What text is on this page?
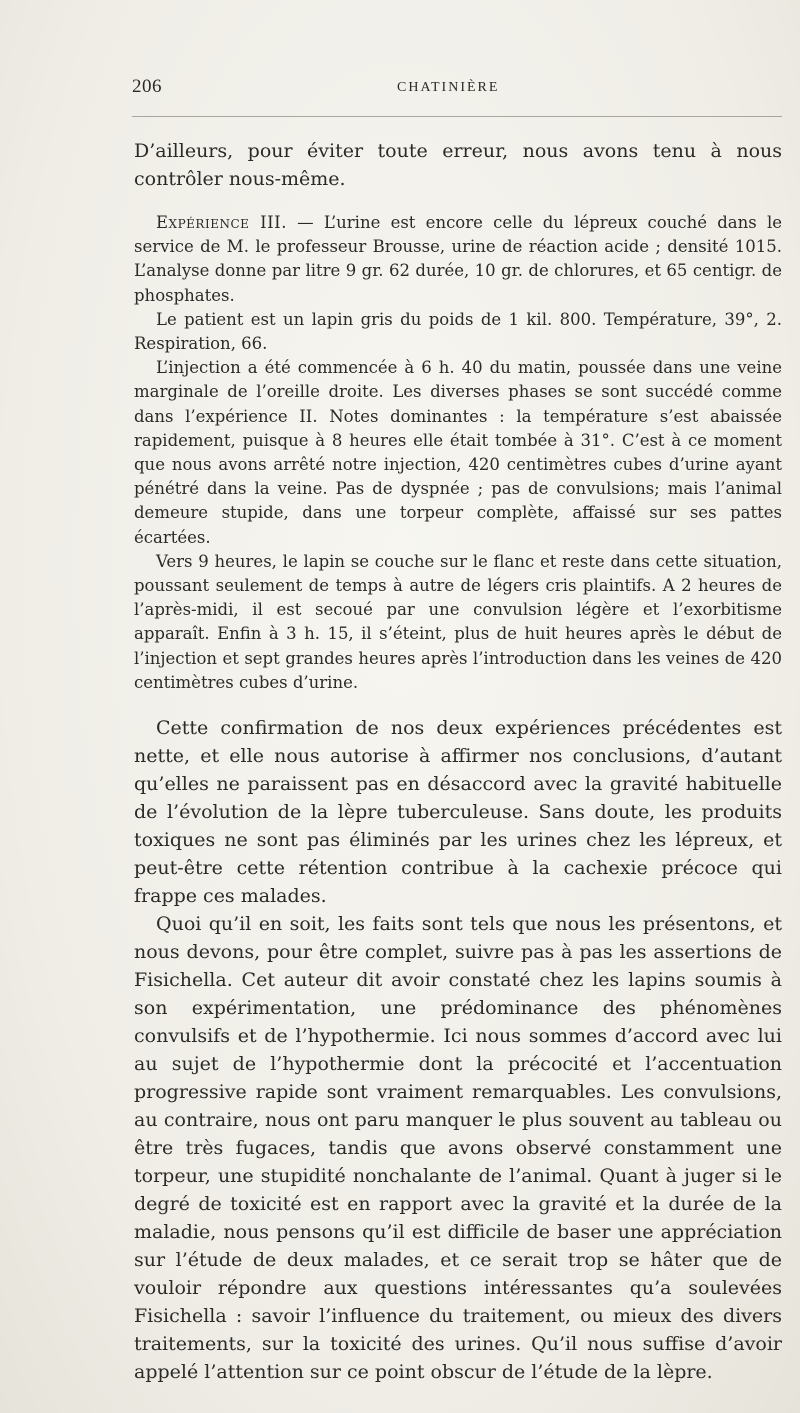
206	CHATINIÈRE

D’ailleurs, pour éviter toute erreur, nous avons tenu à nous contrôler nous-même.

Expérience III. — L’urine est encore celle du lépreux couché dans le service de M. le professeur Brousse, urine de réaction acide ; densité 1015. L’analyse donne par litre 9 gr. 62 durée, 10 gr. de chlorures, et 65 centigr. de phosphates.

Le patient est un lapin gris du poids de 1 kil. 800. Température, 39°, 2. Respiration, 66.

L’injection a été commencée à 6 h. 40 du matin, poussée dans une veine marginale de l’oreille droite. Les diverses phases se sont succédé comme dans l’expérience II. Notes dominantes : la température s’est abaissée rapidement, puisque à 8 heures elle était tombée à 31°. C’est à ce moment que nous avons arrêté notre injection, 420 centimètres cubes d’urine ayant pénétré dans la veine. Pas de dyspnée ; pas de convulsions; mais l’animal demeure stupide, dans une torpeur complète, affaissé sur ses pattes écartées.

Vers 9 heures, le lapin se couche sur le flanc et reste dans cette situation, poussant seulement de temps à autre de légers cris plaintifs. A 2 heures de l’après-midi, il est secoué par une convulsion légère et l’exorbitisme apparaît. Enfin à 3 h. 15, il s’éteint, plus de huit heures après le début de l’injection et sept grandes heures après l’introduction dans les veines de 420 centimètres cubes d’urine.

Cette confirmation de nos deux expériences précédentes est nette, et elle nous autorise à affirmer nos conclusions, d’autant qu’elles ne paraissent pas en désaccord avec la gravité habituelle de l’évolution de la lèpre tuberculeuse. Sans doute, les produits toxiques ne sont pas éliminés par les urines chez les lépreux, et peut-être cette rétention contribue à la cachexie précoce qui frappe ces malades.

Quoi qu’il en soit, les faits sont tels que nous les présentons, et nous devons, pour être complet, suivre pas à pas les assertions de Fisichella. Cet auteur dit avoir constaté chez les lapins soumis à son expérimentation, une prédominance des phénomènes convulsifs et de l’hypothermie. Ici nous sommes d’accord avec lui au sujet de l’hypothermie dont la précocité et l’accentuation progressive rapide sont vraiment remarquables. Les convulsions, au contraire, nous ont paru manquer le plus souvent au tableau ou être très fugaces, tandis que avons observé constamment une torpeur, une stupidité nonchalante de l’animal. Quant à juger si le degré de toxicité est en rapport avec la gravité et la durée de la maladie, nous pensons qu’il est difficile de baser une appréciation sur l’étude de deux malades, et ce serait trop se hâter que de vouloir répondre aux questions intéressantes qu’a soulevées Fisichella : savoir l’influence du traitement, ou mieux des divers traitements, sur la toxicité des urines. Qu’il nous suffise d’avoir appelé l’attention sur ce point obscur de l’étude de la lèpre.
